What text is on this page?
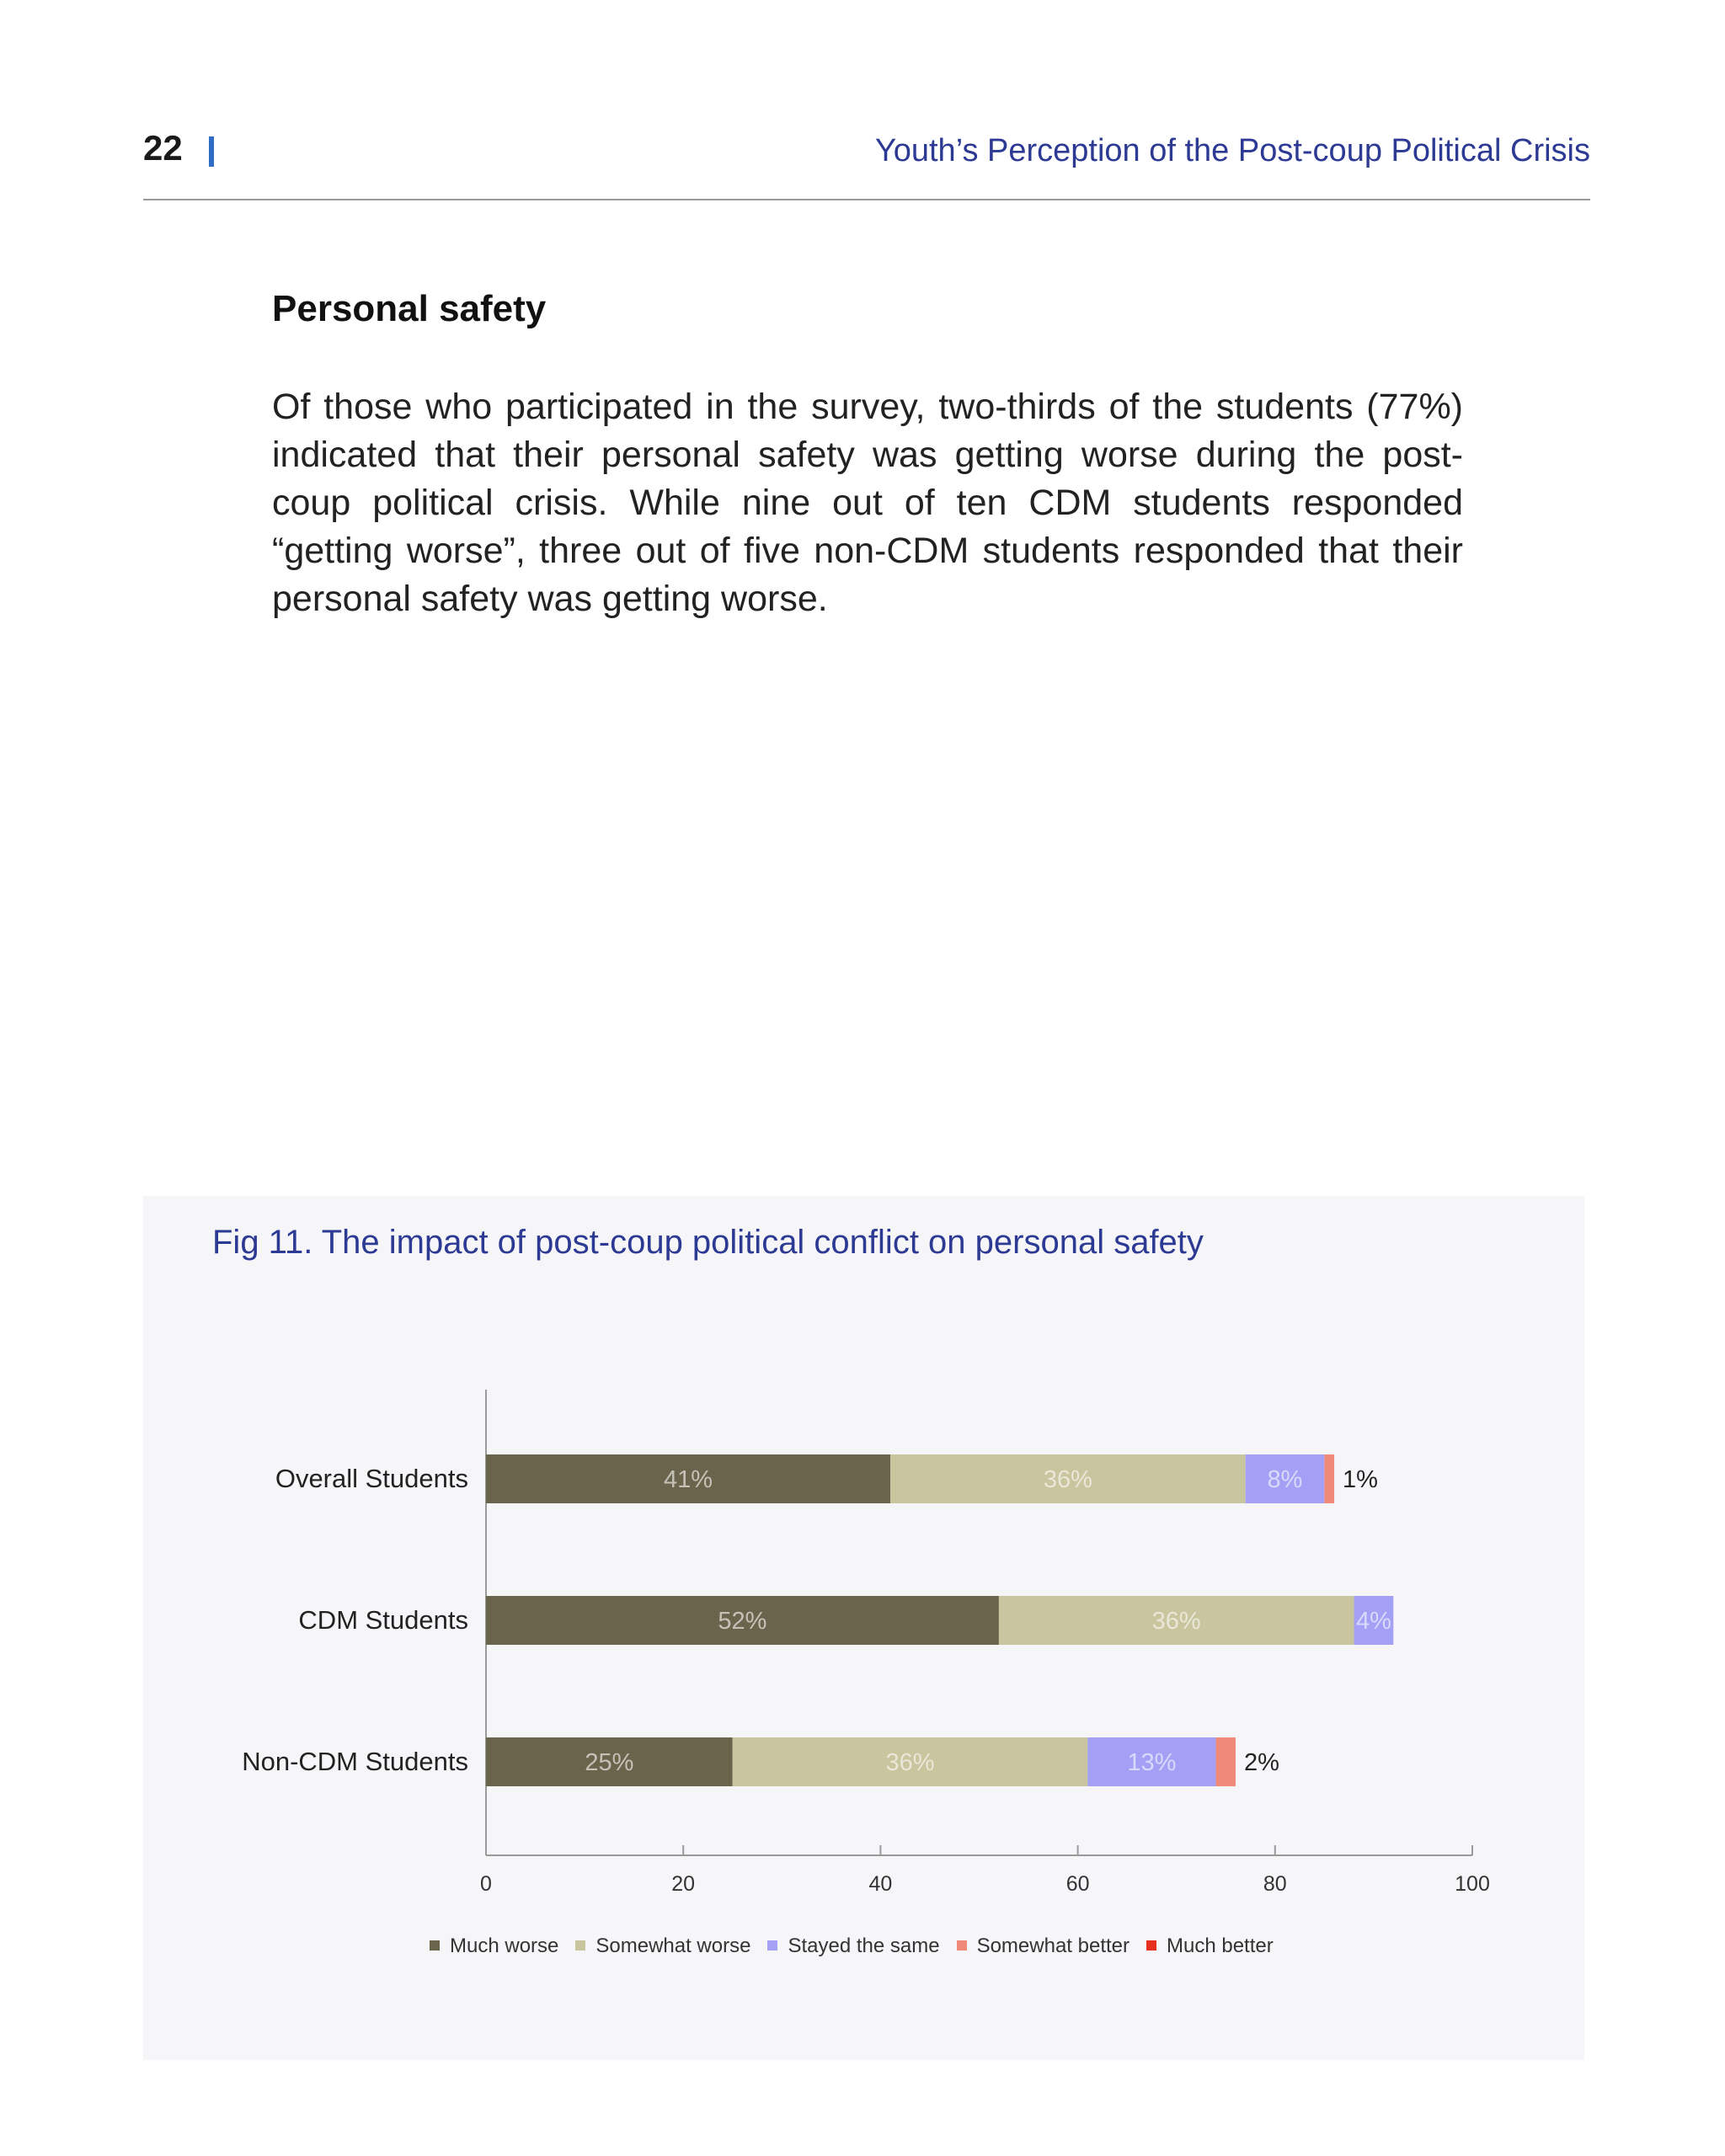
22	Youth’s Perception of the Post-coup Political Crisis
Personal safety
Of those who participated in the survey, two-thirds of the students (77%) indicated that their personal safety was getting worse during the post-coup political crisis. While nine out of ten CDM students responded “getting worse”, three out of five non-CDM students responded that their personal safety was getting worse.
Fig 11. The impact of post-coup political conflict on personal safety
0	20	40	60	80	100
Overall Students
CDM Students
Non-CDM Students
41%	36%	8% 1%
52%	36%	4%
25%	36%	13%	2%
Much worse Somewhat worse Stayed the same Somewhat better Much better
